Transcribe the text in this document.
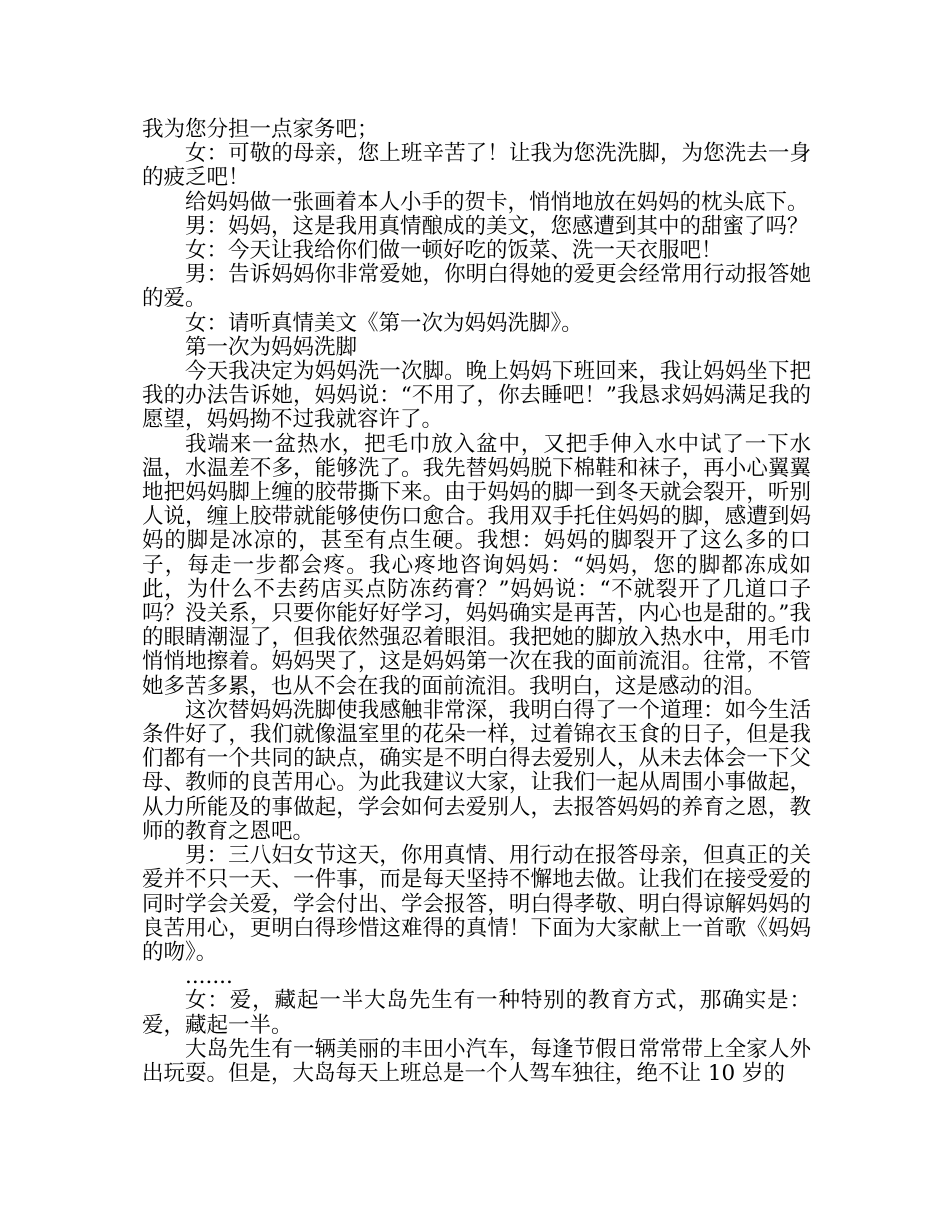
我为您分担一点家务吧；

女：可敬的母亲，您上班辛苦了！让我为您洗洗脚，为您洗去一身的疲乏吧！

给妈妈做一张画着本人小手的贺卡，悄悄地放在妈妈的枕头底下。

男：妈妈，这是我用真情酿成的美文，您感遭到其中的甜蜜了吗？

女：今天让我给你们做一顿好吃的饭菜、洗一天衣服吧！

男：告诉妈妈你非常爱她，你明白得她的爱更会经常用行动报答她的爱。

女：请听真情美文《第一次为妈妈洗脚》。

第一次为妈妈洗脚

今天我决定为妈妈洗一次脚。晚上妈妈下班回来，我让妈妈坐下把我的办法告诉她，妈妈说：“不用了，你去睡吧！”我恳求妈妈满足我的愿望，妈妈拗不过我就容许了。

我端来一盆热水，把毛巾放入盆中，又把手伸入水中试了一下水温，水温差不多，能够洗了。我先替妈妈脱下棉鞋和袜子，再小心翼翼地把妈妈脚上缠的胶带撕下来。由于妈妈的脚一到冬天就会裂开，听别人说，缠上胶带就能够使伤口愈合。我用双手托住妈妈的脚，感遭到妈妈的脚是冰凉的，甚至有点生硬。我想：妈妈的脚裂开了这么多的口子，每走一步都会疼。我心疼地咨询妈妈：“妈妈，您的脚都冻成如此，为什么不去药店买点防冻药膏？”妈妈说：“不就裂开了几道口子吗？没关系，只要你能好好学习，妈妈确实是再苦，内心也是甜的。”我的眼睛潮湿了，但我依然强忍着眼泪。我把她的脚放入热水中，用毛巾悄悄地擦着。妈妈哭了，这是妈妈第一次在我的面前流泪。往常，不管她多苦多累，也从不会在我的面前流泪。我明白，这是感动的泪。

这次替妈妈洗脚使我感触非常深，我明白得了一个道理：如今生活条件好了，我们就像温室里的花朵一样，过着锦衣玉食的日子，但是我们都有一个共同的缺点，确实是不明白得去爱别人，从未去体会一下父母、教师的良苦用心。为此我建议大家，让我们一起从周围小事做起，从力所能及的事做起，学会如何去爱别人，去报答妈妈的养育之恩，教师的教育之恩吧。

男：三八妇女节这天，你用真情、用行动在报答母亲，但真正的关爱并不只一天、一件事，而是每天坚持不懈地去做。让我们在接受爱的同时学会关爱，学会付出、学会报答，明白得孝敬、明白得谅解妈妈的良苦用心，更明白得珍惜这难得的真情！下面为大家献上一首歌《妈妈的吻》。

.......

女：爱，藏起一半大岛先生有一种特别的教育方式，那确实是：爱，藏起一半。

大岛先生有一辆美丽的丰田小汽车，每逢节假日常常带上全家人外出玩耍。但是，大岛每天上班总是一个人驾车独往，绝不让 10 岁的
